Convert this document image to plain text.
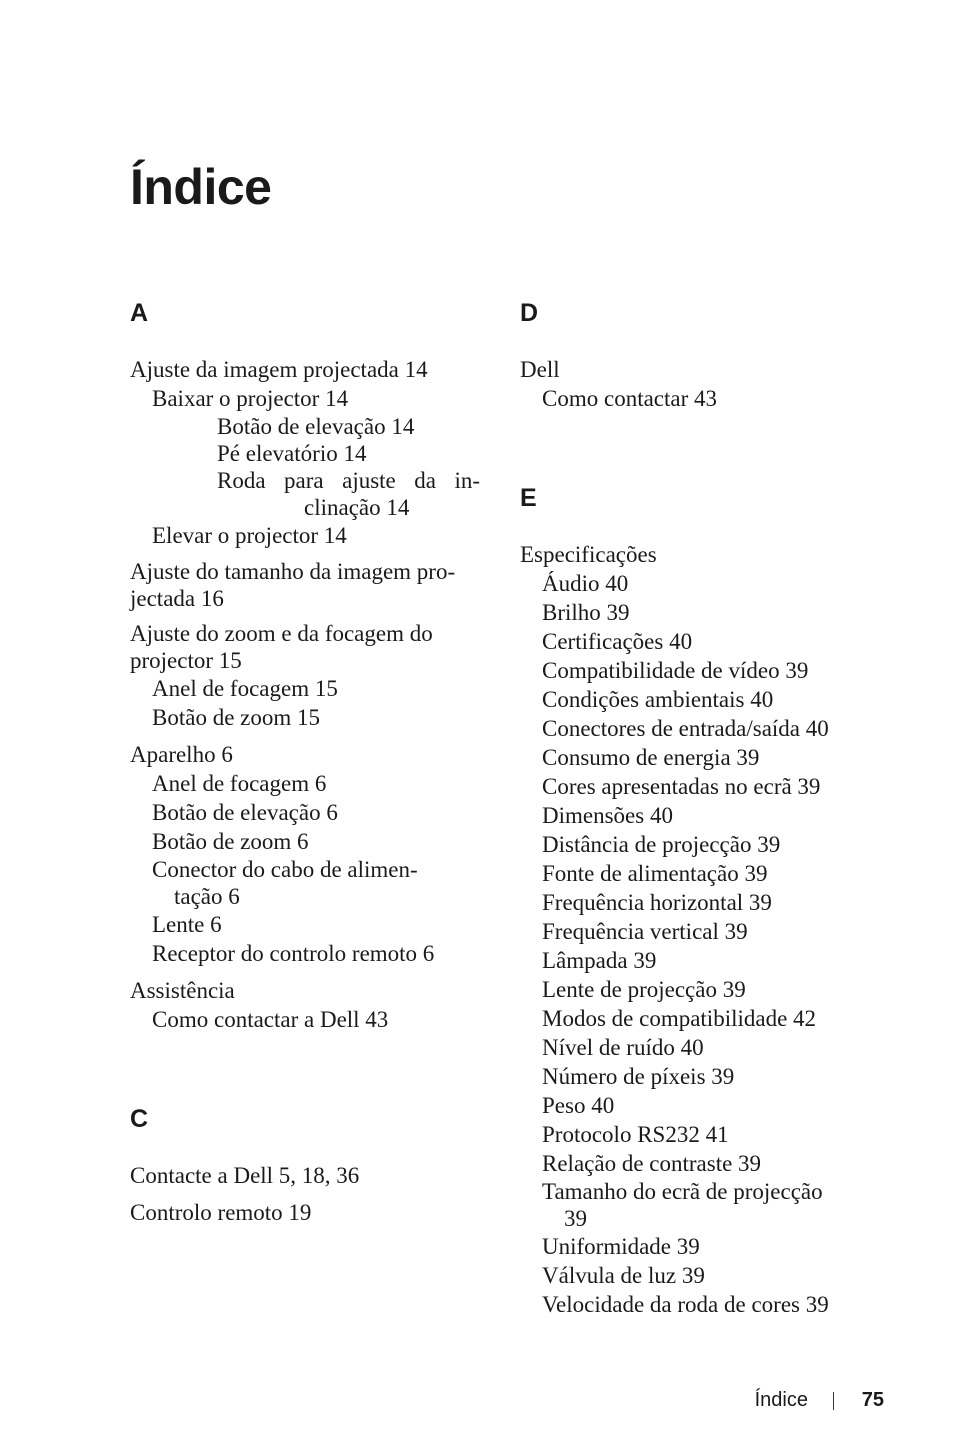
Índice
A
Ajuste da imagem projectada 14
Baixar o projector 14
Botão de elevação 14
Pé elevatório 14
Roda para ajuste da in-
clinação 14
Elevar o projector 14
Ajuste do tamanho da imagem pro-
jectada 16
Ajuste do zoom e da focagem do
projector 15
Anel de focagem 15
Botão de zoom 15
Aparelho 6
Anel de focagem 6
Botão de elevação 6
Botão de zoom 6
Conector do cabo de alimen-
tação 6
Lente 6
Receptor do controlo remoto 6
Assistência
Como contactar a Dell 43
C
Contacte a Dell 5, 18, 36
Controlo remoto 19
D
Dell
Como contactar 43
E
Especificações
Áudio 40
Brilho 39
Certificações 40
Compatibilidade de vídeo 39
Condições ambientais 40
Conectores de entrada/saída 40
Consumo de energia 39
Cores apresentadas no ecrã 39
Dimensões 40
Distância de projecção 39
Fonte de alimentação 39
Frequência horizontal 39
Frequência vertical 39
Lâmpada 39
Lente de projecção 39
Modos de compatibilidade 42
Nível de ruído 40
Número de píxeis 39
Peso 40
Protocolo RS232 41
Relação de contraste 39
Tamanho do ecrã de projecção
39
Uniformidade 39
Válvula de luz 39
Velocidade da roda de cores 39
Índice	75
